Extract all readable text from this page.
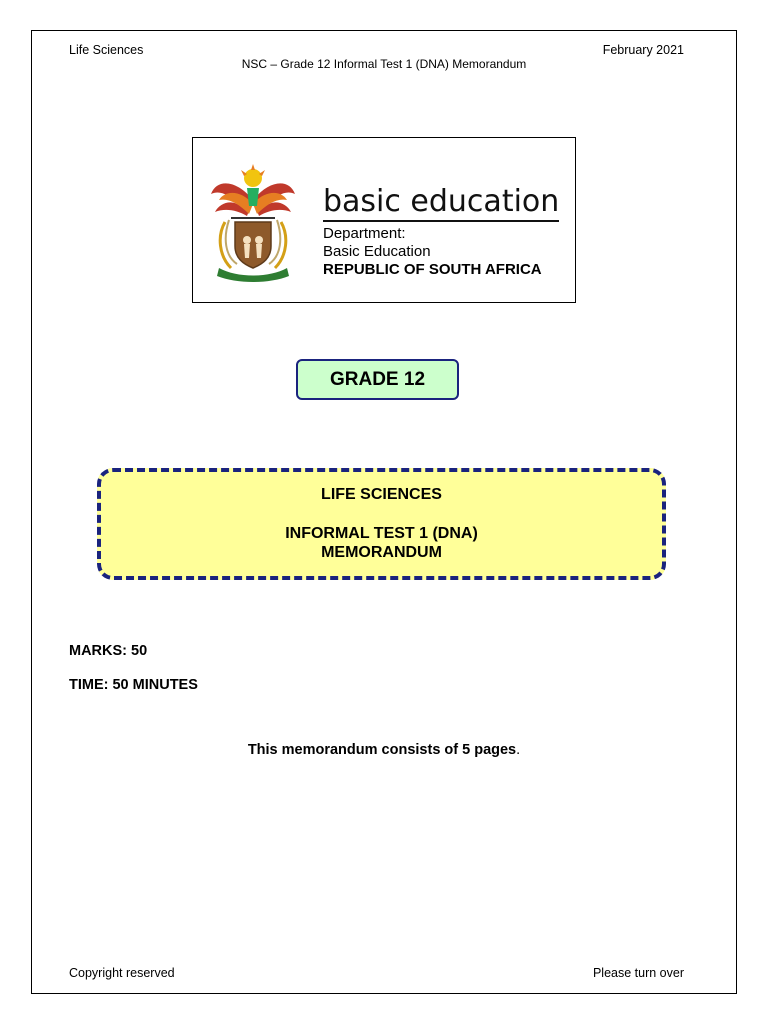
Life Sciences	February 2021
NSC – Grade 12 Informal Test 1 (DNA) Memorandum
basic education
Department:
Basic Education
REPUBLIC OF SOUTH AFRICA
GRADE 12
LIFE SCIENCES
INFORMAL TEST 1 (DNA)
MEMORANDUM
MARKS: 50
TIME: 50 MINUTES
This memorandum consists of 5 pages.
Copyright reserved	Please turn over
